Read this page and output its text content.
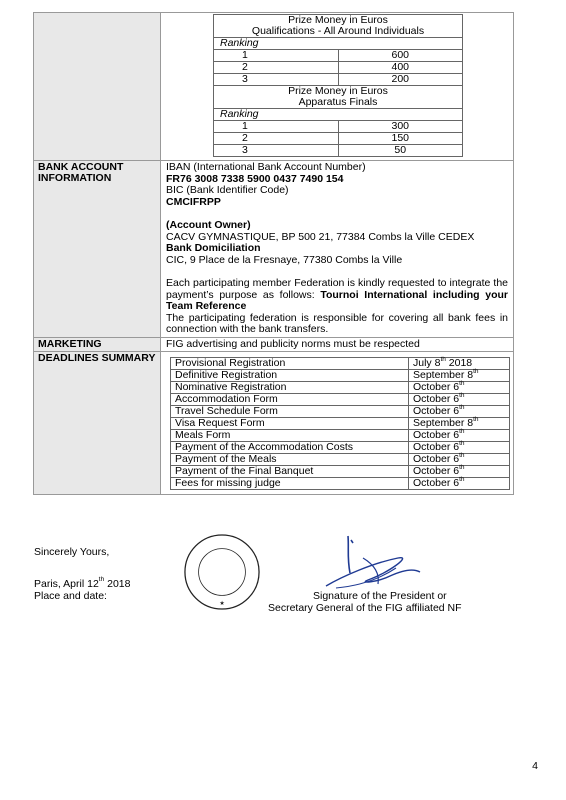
Prize Money in Euros
Qualifications - All Around Individuals
Ranking
1	600
2	400
3	200
Prize Money in Euros
Apparatus Finals
Ranking
1	300
2	150
3	50

BANK ACCOUNT INFORMATION	

IBAN (International Bank Account Number)

FR76 3008 7338 5900 0437 7490 154

BIC (Bank Identifier Code)

CMCIFRPP

(Account Owner)

CACV GYMNASTIQUE, BP 500 21, 77384 Combs la Ville CEDEX

Bank Domiciliation

CIC, 9 Place de la Fresnaye, 77380 Combs la Ville

Each participating member Federation is kindly requested to integrate the payment’s purpose as follows: Tournoi International including your Team Reference

The participating federation is responsible for covering all bank fees in connection with the bank transfers.

MARKETING	FIG advertising and publicity norms must be respected
DEADLINES SUMMARY	Provisional Registration	July 8th 2018
Definitive Registration	September 8th
Nominative Registration	October 6th
Accommodation Form	October 6th
Travel Schedule Form	October 6th
Visa Request Form	September 8th
Meals Form	October 6th
Payment of the Accommodation Costs	October 6th
Payment of the Meals	October 6th
Payment of the Final Banquet	October 6th
Fees for missing judge	October 6th
Sincerely Yours,
Paris, April 12th 2018
Place and date:
★
Signature of the President or
Secretary General of the FIG affiliated NF
4
